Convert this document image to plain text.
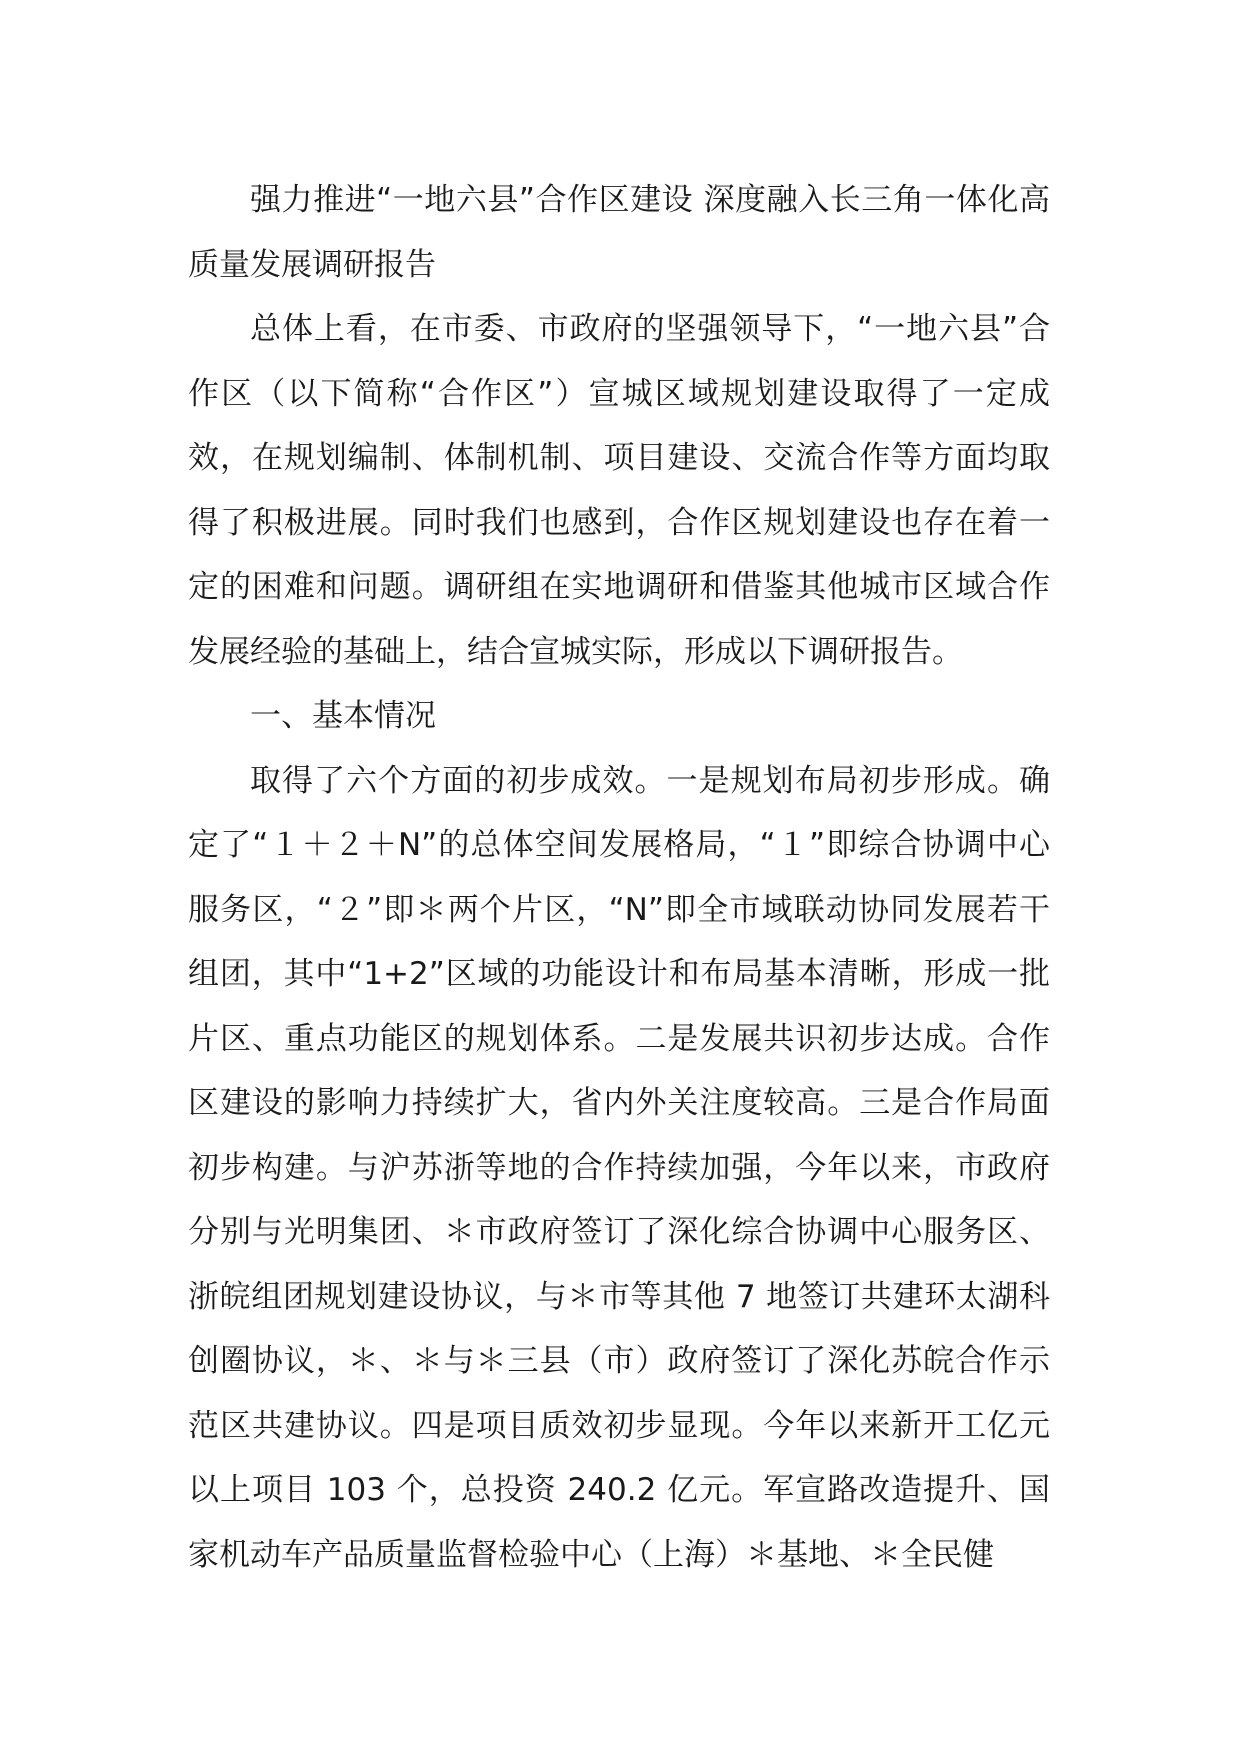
强力推进“一地六县”合作区建设 深度融入长三角一体化高质量发展调研报告

总体上看，在市委、市政府的坚强领导下，“一地六县”合作区（以下简称“合作区”）宣城区域规划建设取得了一定成效，在规划编制、体制机制、项目建设、交流合作等方面均取得了积极进展。同时我们也感到，合作区规划建设也存在着一定的困难和问题。调研组在实地调研和借鉴其他城市区域合作发展经验的基础上，结合宣城实际，形成以下调研报告。

一、基本情况

取得了六个方面的初步成效。一是规划布局初步形成。确定了“１＋２＋N”的总体空间发展格局，“１”即综合协调中心服务区，“２”即＊两个片区，“N”即全市域联动协同发展若干组团，其中“1+2”区域的功能设计和布局基本清晰，形成一批片区、重点功能区的规划体系。二是发展共识初步达成。合作区建设的影响力持续扩大，省内外关注度较高。三是合作局面初步构建。与沪苏浙等地的合作持续加强，今年以来，市政府分别与光明集团、＊市政府签订了深化综合协调中心服务区、浙皖组团规划建设协议，与＊市等其他 7 地签订共建环太湖科创圈协议，＊、＊与＊三县（市）政府签订了深化苏皖合作示范区共建协议。四是项目质效初步显现。今年以来新开工亿元以上项目 103 个，总投资 240.2 亿元。军宣路改造提升、国家机动车产品质量监督检验中心（上海）＊基地、＊全民健
